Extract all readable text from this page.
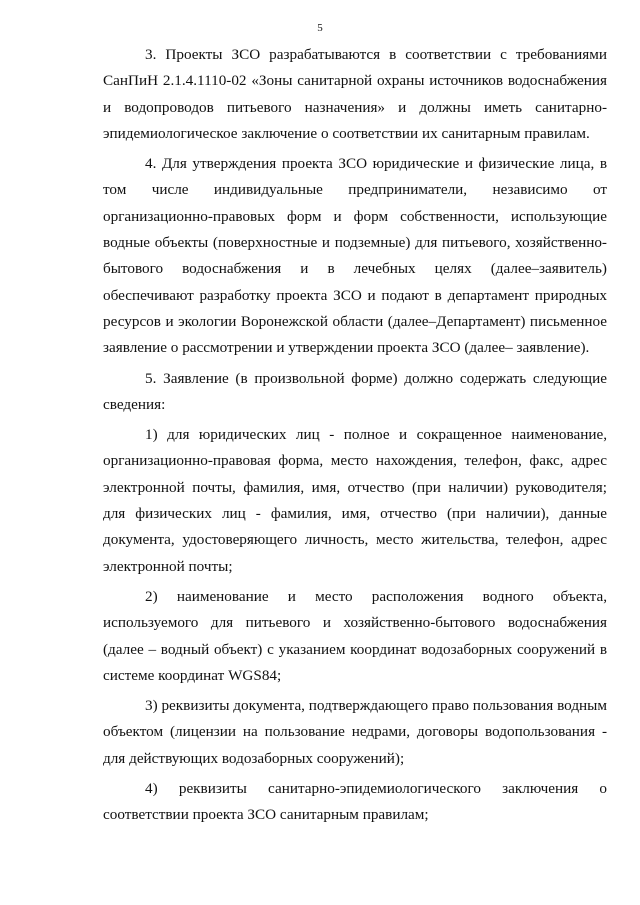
5

3. Проекты ЗСО разрабатываются в соответствии с требованиями СанПиН 2.1.4.1110-02 «Зоны санитарной охраны источников водоснабжения и водопроводов питьевого назначения» и должны иметь санитарно-эпидемиологическое заключение о соответствии их санитарным правилам.

4. Для утверждения проекта ЗСО юридические и физические лица, в том числе индивидуальные предприниматели, независимо от организационно-правовых форм и форм собственности, использующие водные объекты (поверхностные и подземные) для питьевого, хозяйственно-бытового водоснабжения и в лечебных целях (далее–заявитель) обеспечивают разработку проекта ЗСО и подают в департамент природных ресурсов и экологии Воронежской области (далее–Департамент) письменное заявление о рассмотрении и утверждении проекта ЗСО (далее– заявление).

5. Заявление (в произвольной форме) должно содержать следующие сведения:

1) для юридических лиц - полное и сокращенное наименование, организационно-правовая форма, место нахождения, телефон, факс, адрес электронной почты, фамилия, имя, отчество (при наличии) руководителя; для физических лиц - фамилия, имя, отчество (при наличии), данные документа, удостоверяющего личность, место жительства, телефон, адрес электронной почты;

2) наименование и место расположения водного объекта, используемого для питьевого и хозяйственно-бытового водоснабжения (далее – водный объект) с указанием координат водозаборных сооружений в системе координат WGS84;

3) реквизиты документа, подтверждающего право пользования водным объектом (лицензии на пользование недрами, договоры водопользования - для действующих водозаборных сооружений);

4) реквизиты санитарно-эпидемиологического заключения о соответствии проекта ЗСО санитарным правилам;
